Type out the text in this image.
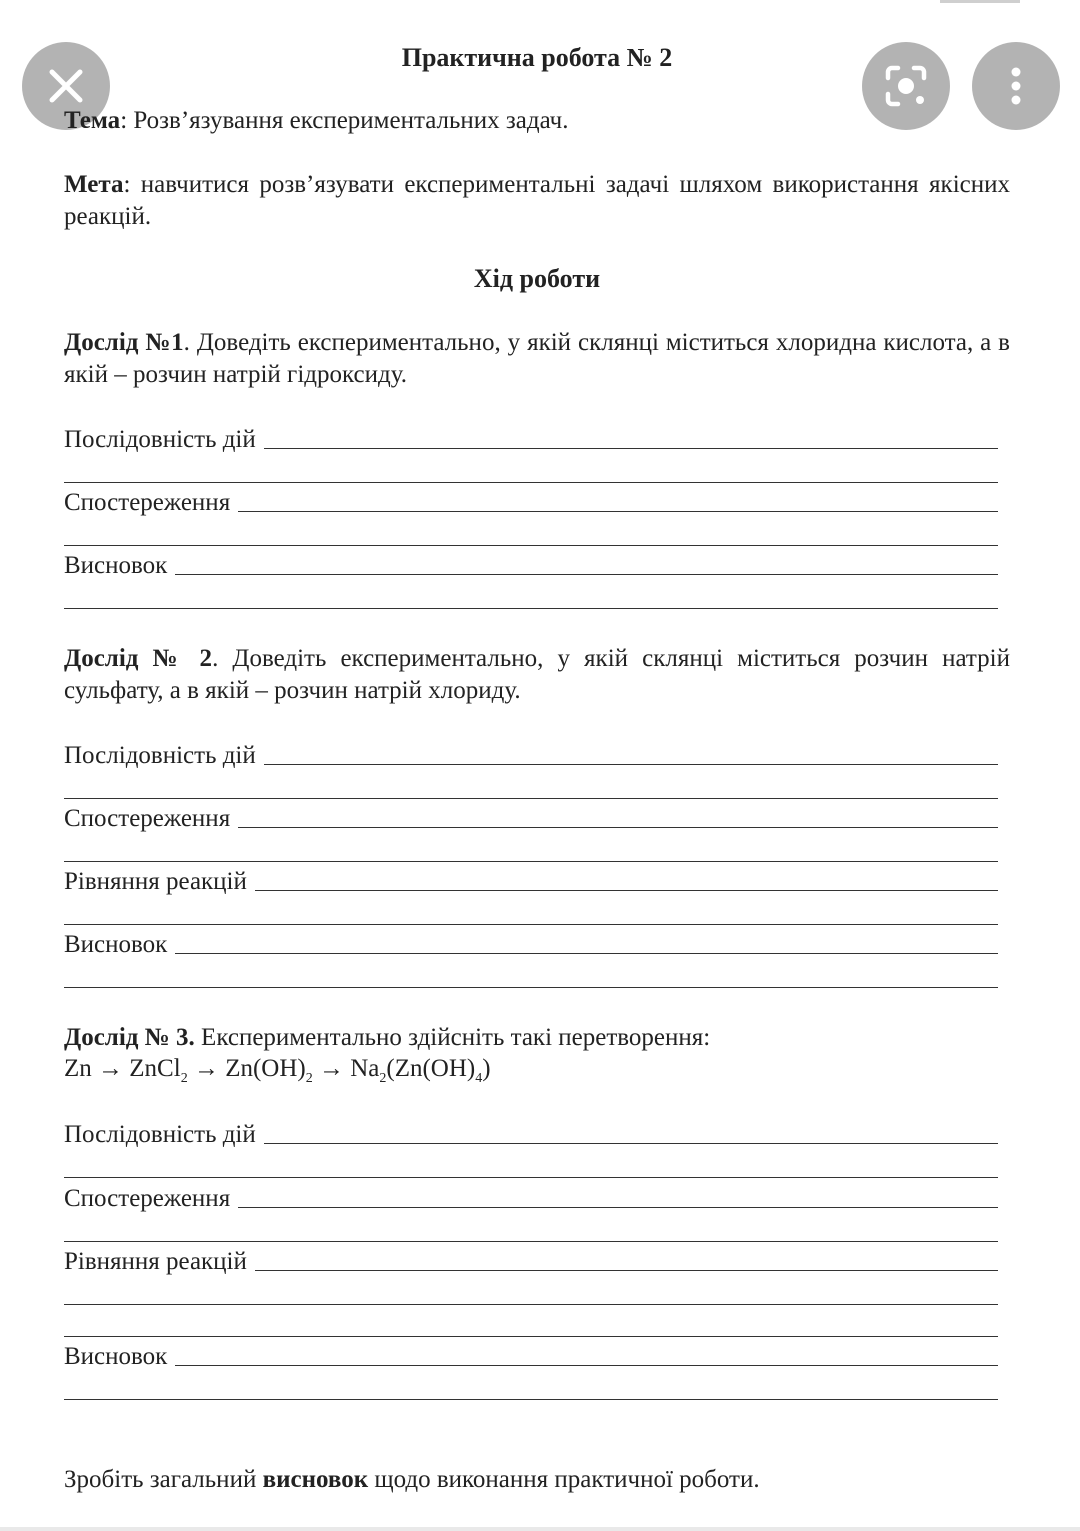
Практична робота № 2
Тема: Розв’язування експериментальних задач.
Мета: навчитися розв’язувати експериментальні задачі шляхом використання якісних реакцій.
Хід роботи
Дослід №1. Доведіть експериментально, у якій склянці міститься хлоридна кислота, а в якій – розчин натрій гідроксиду.
Послідовність дій
Спостереження
Висновок
Дослід № 2. Доведіть експериментально, у якій склянці міститься розчин натрій сульфату, а в якій – розчин натрій хлориду.
Послідовність дій
Спостереження
Рівняння реакцій
Висновок
Дослід № 3. Експериментально здійсніть такі перетворення:
Zn → ZnCl$_2$ → $Zn(OH)_2 \to Na_2(Zn(OH)_4)$
Послідовність дій
Спостереження
Рівняння реакцій
Висновок
Зробіть загальний висновок щодо виконання практичної роботи.
